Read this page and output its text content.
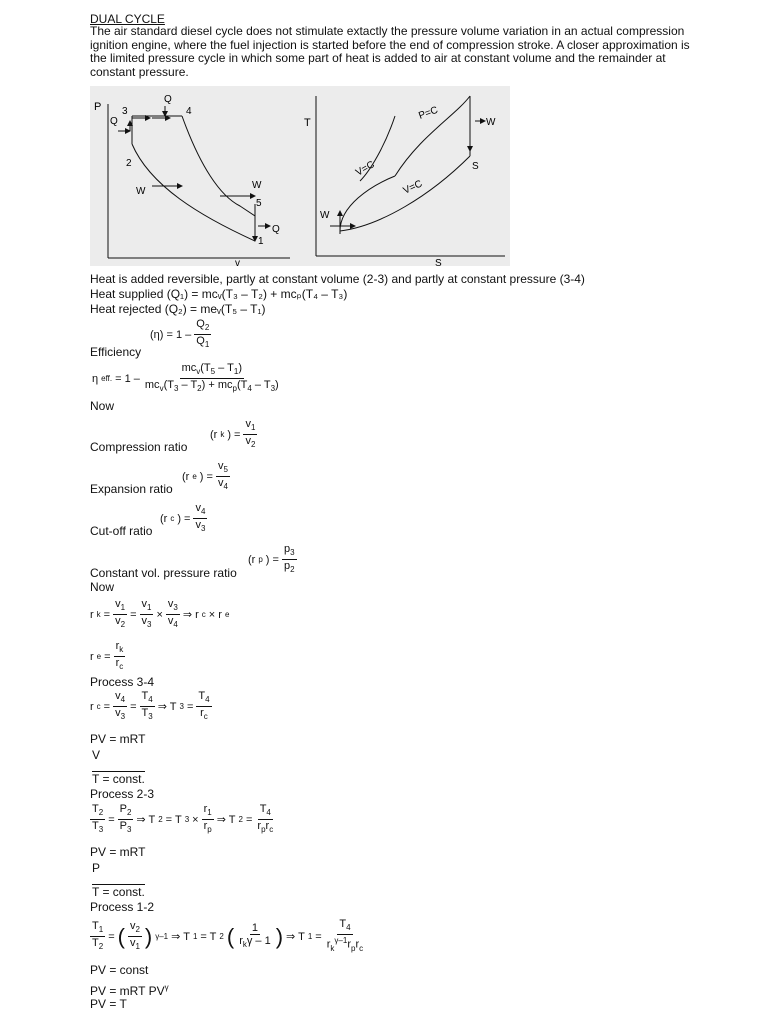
DUAL CYCLE
The air standard diesel cycle does not stimulate extactly the pressure volume variation in an actual compression ignition engine, where the fuel injection is started before the end of compression stroke. A closer approximation is the limited pressure cycle in which some part of heat is added to air at constant volume and the remainder at constant pressure.
P
v
Q
3
Q
4
2
W
W
5
Q
1
T
S
P=C
V=C
V=C
W
W
S
Heat is added reversible, partly at constant volume (2-3) and partly at constant pressure (3-4)
Heat supplied (Q₁) = mcᵥ(T₃ – T₂) + mcₚ(T₄ – T₃)
Heat rejected (Q₂) = meᵥ(T₅ – T₁)
$(\eta) = 1 - \frac{Q_2}{Q_1}$
Efficiency
η eff. = $1 - \frac{mc_v(T_5 - T_1)}{mc_v(T_3 - T_2) + mc_p(T_4 - T_3)}$
Now
(r k ) = $\frac{v_1}{v_2}$
Compression ratio
(r e ) = $\frac{v_5}{v_4}$
Expansion ratio
(r c ) = $\frac{v_4}{v_3}$
Cut-off ratio
(r p ) = $\frac{p_3}{p_2}$
Constant vol. pressure ratio
Now
r $k = \frac{v_1}{v_2} = \frac{v_1}{v_3} \times \frac{v_3}{v_4}$ ⇒ r c × r e
r $e = \frac{r_k}{r_c}$
Process 3-4
r $c = \frac{v_4}{v_3} = \frac{T_4}{T_3}$ ⇒ T $3 = \frac{T_4}{r_c}$
PV = mRT
V
T = const.
Process 2-3
$\frac{T_2}{T_3} = \frac{P_2}{P_3}$ ⇒ T 2 = T $3 \times \frac{r_1}{r_p}$ ⇒ T $2 = \frac{T_4}{r_pr_c}$
PV = mRT
P
T = const.
Process 1-2
$\frac{T_1}{T_2}$ = ( $\frac{v_2}{v_1}$ ) γ–1 ⇒ T 1 = T 2 ( $\frac{1}{r_k\gamma - 1}$ ) ⇒ T $1 = \frac{T_4}{r_k^{\gamma-1}r_pr_c}$
PV = const
PV = mRT $PV^\gamma$
PV = T
